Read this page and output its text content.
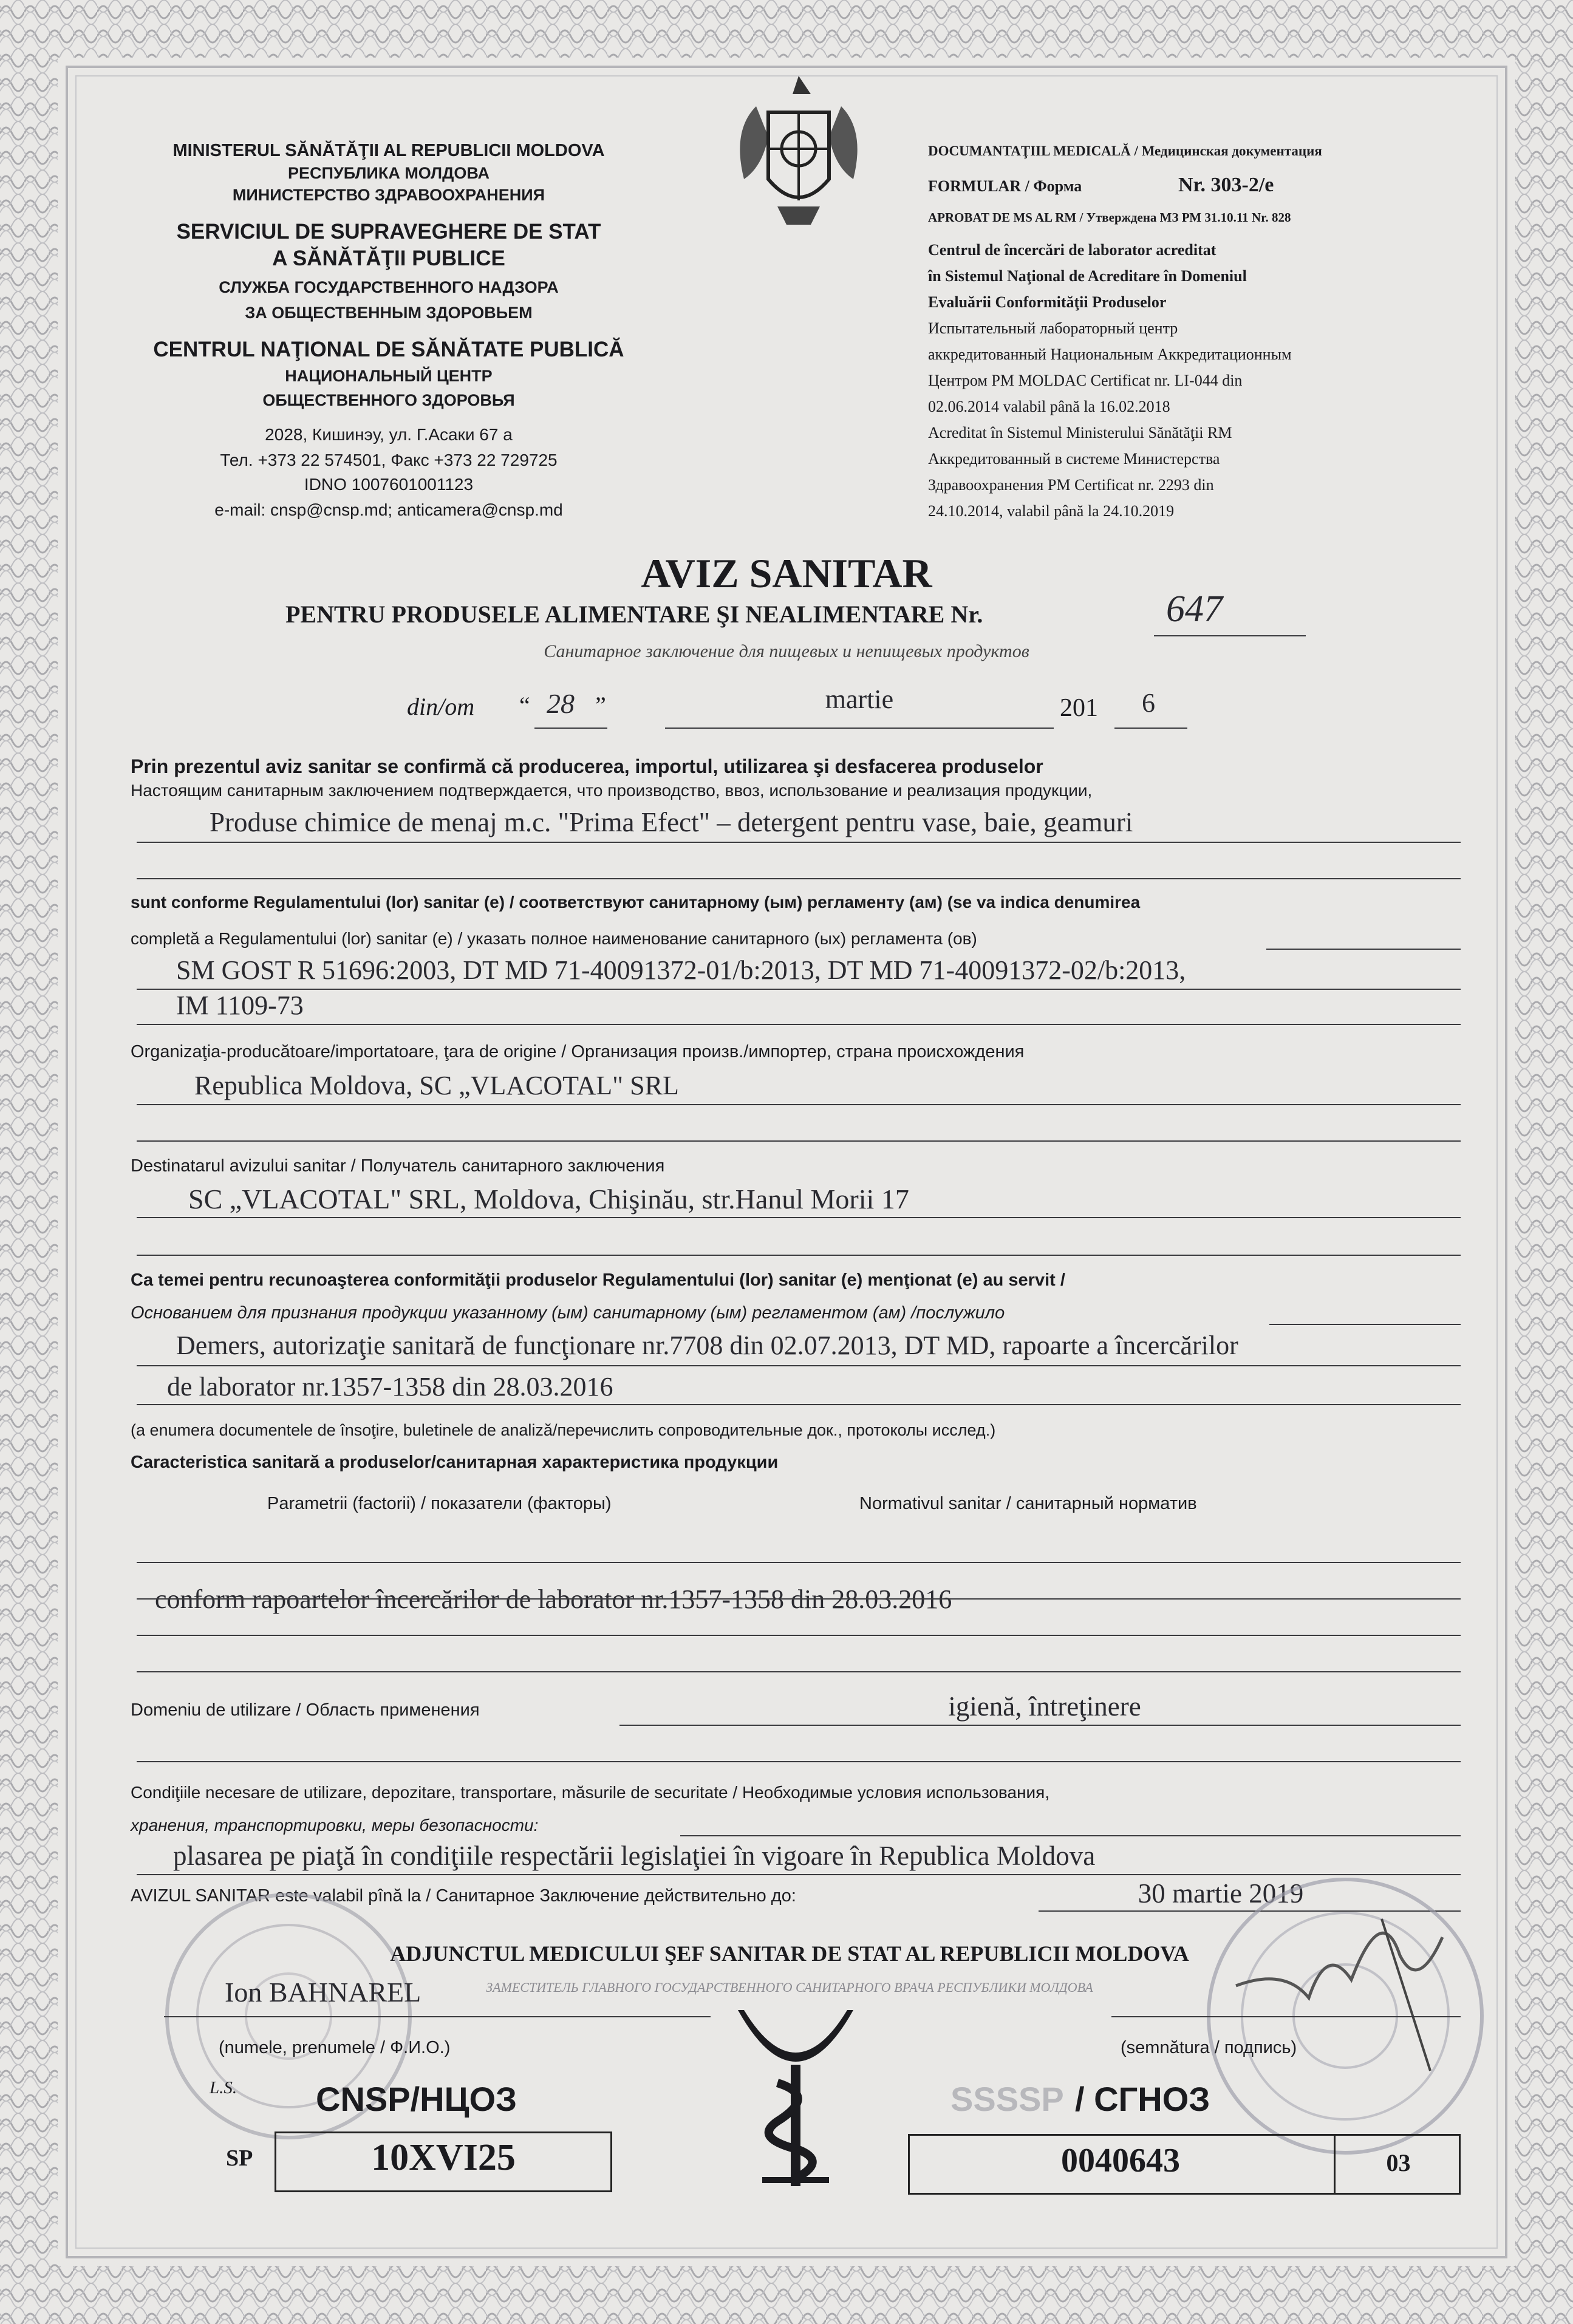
MINISTERUL SĂNĂTĂŢII AL REPUBLICII MOLDOVA
РЕСПУБЛИКА МОЛДОВА
МИНИСТЕРСТВО ЗДРАВООХРАНЕНИЯ
SERVICIUL DE SUPRAVEGHERE DE STAT
A SĂNĂTĂŢII PUBLICE
СЛУЖБА ГОСУДАРСТВЕННОГО НАДЗОРА
ЗА ОБЩЕСТВЕННЫМ ЗДОРОВЬЕМ
CENTRUL NAŢIONAL DE SĂNĂTATE PUBLICĂ
НАЦИОНАЛЬНЫЙ ЦЕНТР
ОБЩЕСТВЕННОГО ЗДОРОВЬЯ
2028, Кишинэу, ул. Г.Асаки 67 а
Тел. +373 22 574501, Факс +373 22 729725
IDNO 1007601001123
e-mail: cnsp@cnsp.md; anticamera@cnsp.md
DOCUMANTAŢIIL MEDICALĂ / Медицинская документация
FORMULAR / Форма	Nr. 303-2/e
APROBAT DE MS AL RM / Утверждена МЗ РМ 31.10.11 Nr. 828
Centrul de încercări de laborator acreditat
în Sistemul Naţional de Acreditare în Domeniul
Evaluării Conformităţii Produselor
Испытательный лабораторный центр
аккредитованный Национальным Аккредитационным
Центром РМ MOLDAC Certificat nr. LI-044 din
02.06.2014 valabil până la 16.02.2018
Acreditat în Sistemul Ministerului Sănătăţii RM
Аккредитованный в системе Министерства
Здравоохранения РМ Certificat nr. 2293 din
24.10.2014, valabil până la 24.10.2019
AVIZ SANITAR
PENTRU PRODUSELE ALIMENTARE ŞI NEALIMENTARE Nr.	647
Санитарное заключение для пищевых и непищевых продуктов
din/от “ 28 ”	martie	201 6
Prin prezentul aviz sanitar se confirmă că producerea, importul, utilizarea şi desfacerea produselor
Настоящим санитарным заключением подтверждается, что производство, ввоз, использование и реализация продукции,
Produse chimice de menaj m.c. "Prima Efect" – detergent pentru vase, baie, geamuri
sunt conforme Regulamentului (lor) sanitar (e) / соответствуют санитарному (ым) регламенту (ам) (se va indica denumirea
completă a Regulamentului (lor) sanitar (e) / указать полное наименование санитарного (ых) регламента (ов)
SM GOST R 51696:2003, DT MD 71-40091372-01/b:2013, DT MD 71-40091372-02/b:2013,
IM 1109-73
Organizaţia-producătoare/importatoare, ţara de origine / Организация произв./импортер, страна происхождения
Republica Moldova, SC „VLACOTAL" SRL
Destinatarul avizului sanitar / Получатель санитарного заключения
SC „VLACOTAL" SRL, Moldova, Chişinău, str.Hanul Morii 17
Ca temei pentru recunoaşterea conformităţii produselor Regulamentului (lor) sanitar (e) menţionat (e) au servit /
Основанием для признания продукции указанному (ым) санитарному (ым) регламентом (ам) /послужило
Demers, autorizaţie sanitară de funcţionare nr.7708 din 02.07.2013, DT MD, rapoarte a încercărilor
de laborator nr.1357-1358 din 28.03.2016
(a enumera documentele de însoţire, buletinele de analiză/перечислить сопроводительные док., протоколы исслед.)
Caracteristica sanitară a produselor/санитарная характеристика продукции
Parametrii (factorii) / показатели (факторы)	Normativul sanitar / санитарный норматив
conform rapoartelor încercărilor de laborator nr.1357-1358 din 28.03.2016
Domeniu de utilizare / Область применения	igienă, întreţinere
Condiţiile necesare de utilizare, depozitare, transportare, măsurile de securitate / Необходимые условия использования,
хранения, транспортировки, меры безопасности:
plasarea pe piaţă în condiţiile respectării legislaţiei în vigoare în Republica Moldova
AVIZUL SANITAR este valabil pînă la / Санитарное Заключение действительно до:	30 martie 2019
ADJUNCTUL MEDICULUI ŞEF SANITAR DE STAT AL REPUBLICII MOLDOVA
ЗАМЕСТИТЕЛЬ ГЛАВНОГО ГОСУДАРСТВЕННОГО САНИТАРНОГО ВРАЧА РЕСПУБЛИКИ МОЛДОВА
Ion BAHNAREL
(numele, prenumele / Ф.И.О.)	(semnătura / подпись)
L.S. CNSP/НЦОЗ
SP	10XVI25
SSSSP / СГНОЗ
0040643	03
